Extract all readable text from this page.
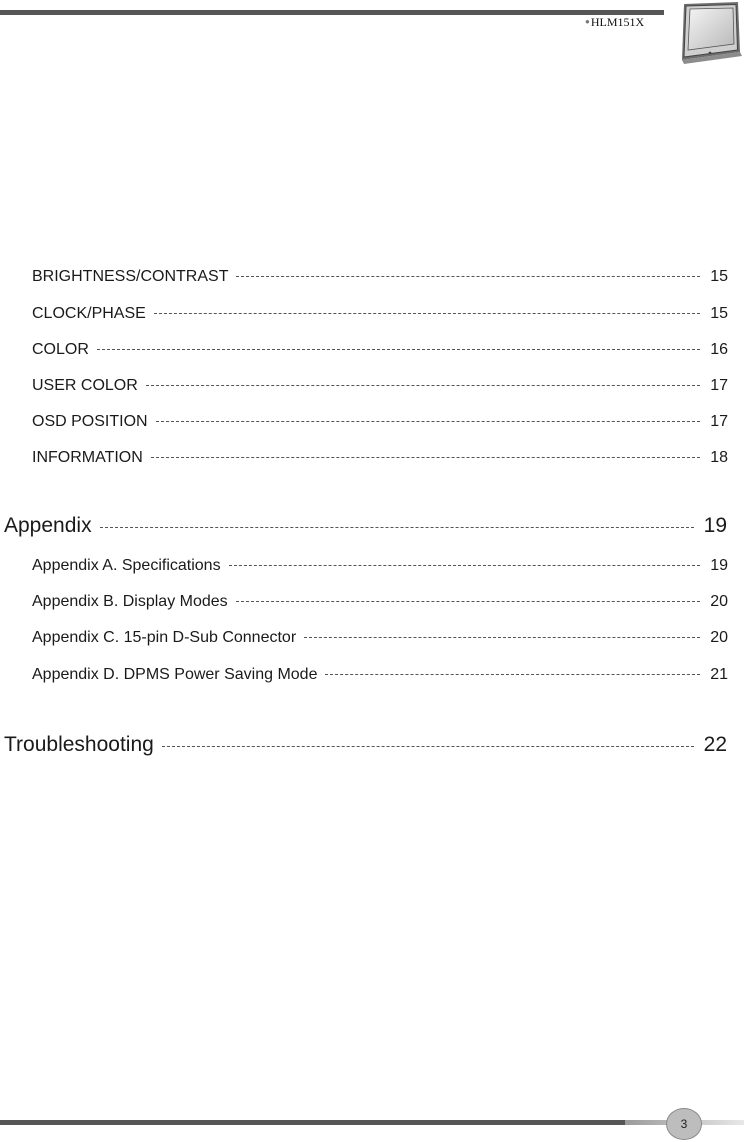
●HLM151X
BRIGHTNESS/CONTRAST	15
CLOCK/PHASE	15
COLOR	16
USER COLOR	17
OSD POSITION	17
INFORMATION	18
Appendix	19
Appendix A. Specifications	19
Appendix B. Display Modes	20
Appendix C. 15-pin D-Sub Connector	20
Appendix D. DPMS Power Saving Mode	21
Troubleshooting	22
3
